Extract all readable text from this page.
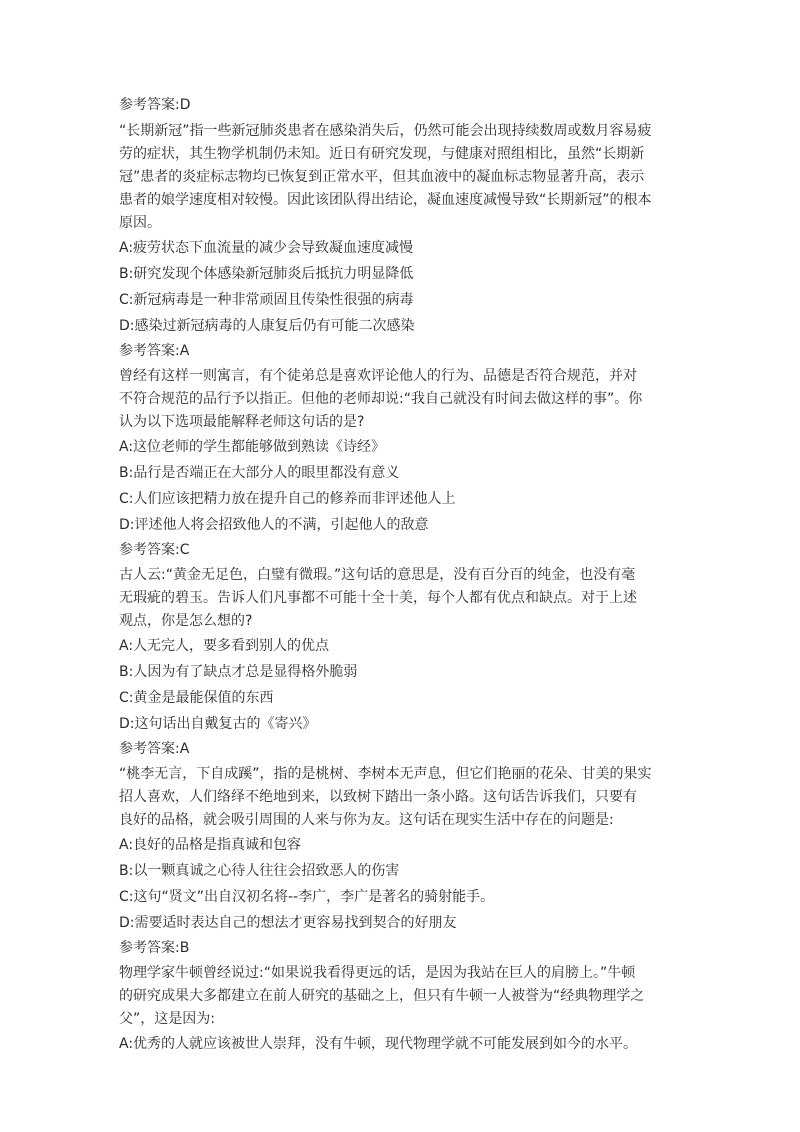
参考答案:D
“长期新冠”指一些新冠肺炎患者在感染消失后，仍然可能会出现持续数周或数月容易疲
劳的症状，其生物学机制仍未知。近日有研究发现，与健康对照组相比，虽然“长期新
冠”患者的炎症标志物均已恢复到正常水平，但其血液中的凝血标志物显著升高，表示
患者的娘学速度相对较慢。因此该团队得出结论，凝血速度减慢导致“长期新冠”的根本
原因。
A:疲劳状态下血流量的减少会导致凝血速度减慢
B:研究发现个体感染新冠肺炎后抵抗力明显降低
C:新冠病毒是一种非常顽固且传染性很强的病毒
D:感染过新冠病毒的人康复后仍有可能二次感染
参考答案:A
曾经有这样一则寓言，有个徒弟总是喜欢评论他人的行为、品德是否符合规范，并对
不符合规范的品行予以指正。但他的老师却说:“我自己就没有时间去做这样的事”。你
认为以下选项最能解释老师这句话的是?
A:这位老师的学生都能够做到熟读《诗经》
B:品行是否端正在大部分人的眼里都没有意义
C:人们应该把精力放在提升自己的修养而非评述他人上
D:评述他人将会招致他人的不满，引起他人的敌意
参考答案:C
古人云:“黄金无足色，白璧有微瑕。”这句话的意思是，没有百分百的纯金，也没有毫
无瑕疵的碧玉。告诉人们凡事都不可能十全十美，每个人都有优点和缺点。对于上述
观点，你是怎么想的?
A:人无完人，要多看到别人的优点
B:人因为有了缺点才总是显得格外脆弱
C:黄金是最能保值的东西
D:这句话出自戴复古的《寄兴》
参考答案:A
“桃李无言，下自成蹊”，指的是桃树、李树本无声息，但它们艳丽的花朵、甘美的果实
招人喜欢，人们络绎不绝地到来，以致树下踏出一条小路。这句话告诉我们，只要有
良好的品格，就会吸引周围的人来与你为友。这句话在现实生活中存在的问题是:
A:良好的品格是指真诚和包容
B:以一颗真诚之心待人往往会招致恶人的伤害
C:这句“贤文”出自汉初名将--李广，李广是著名的骑射能手。
D:需要适时表达自己的想法才更容易找到契合的好朋友
参考答案:B
物理学家牛顿曾经说过:“如果说我看得更远的话，是因为我站在巨人的肩膀上。”牛顿
的研究成果大多都建立在前人研究的基础之上，但只有牛顿一人被誉为“经典物理学之
父”，这是因为:
A:优秀的人就应该被世人崇拜，没有牛顿，现代物理学就不可能发展到如今的水平。
